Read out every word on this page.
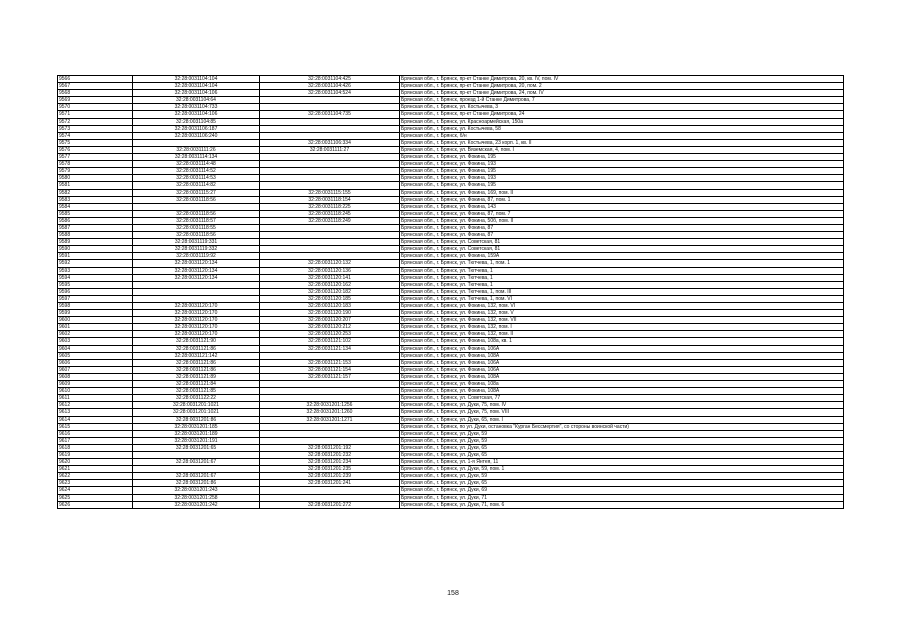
9566	32:28:0031104:104	32:28:0031104:425	Брянская обл., г. Брянск, пр-кт Станке Димитрова, 20, кв. IV, пом. IV
9567	32:28:0031104:104	32:28:0031104:426	Брянская обл., г. Брянск, пр-кт Станке Димитрова, 20, пом. 2
9568	32:28:0031104:106	32:28:0031104:524	Брянская обл., г. Брянск, пр-кт Станке Димитрова, 24, пом. IV
9569	32:28:0031104:64		Брянская обл., г. Брянск, проезд 1-й Станке Димитрова, 7
9570	32:28:0031104:733		Брянская обл., г. Брянск, ул. Костычева, 3
9571	32:28:0031104:106	32:28:0031104:735	Брянская обл., г. Брянск, пр-кт Станке Димитрова, 24
9572	32:28:0031104:85		Брянская обл., г. Брянск, ул. Красноармейская, 150а
9573	32:28:0031106:187		Брянская обл., г. Брянск, ул. Костычева, 58
9574	32:28:0031106:240		Брянская обл., г. Брянск, б/н
9575		32:28:0031106:334	Брянская обл., г. Брянск, ул. Костычева, 23 корп. 1, кв. II
9576	32:28:0031111:26	32:28:0031111:27	Брянская обл., г. Брянск, ул. Вяземская, 4, пом. I
9577	32:28:0031114:134		Брянская обл., г. Брянск, ул. Фокина, 195
9578	32:28:0031114:48		Брянская обл., г. Брянск, ул. Фокина, 193
9579	32:28:0031114:52		Брянская обл., г. Брянск, ул. Фокина, 195
9580	32:28:0031114:53		Брянская обл., г. Брянск, ул. Фокина, 193
9581	32:28:0031114:82		Брянская обл., г. Брянск, ул. Фокина, 195
9582	32:28:0031115:27	32:28:0031115:155	Брянская обл., г. Брянск, ул. Фокина, 169, пом. II
9583	32:28:0031118:56	32:28:0031118:154	Брянская обл., г. Брянск, ул. Фокина, 87, пом. 1
9584		32:28:0031118:225	Брянская обл., г. Брянск, ул. Фокина, 143
9585	32:28:0031118:56	32:28:0031118:245	Брянская обл., г. Брянск, ул. Фокина, 87, пом. 7
9586	32:28:0031118:57	32:28:0031118:249	Брянская обл., г. Брянск, ул. Фокина, 50б, пом. II
9587	32:28:0031118:55		Брянская обл., г. Брянск, ул. Фокина, 87
9588	32:28:0031118:56		Брянская обл., г. Брянск, ул. Фокина, 87
9589	32:28:0031119:331		Брянская обл., г. Брянск, ул. Советская, 81
9590	32:28:0031119:332		Брянская обл., г. Брянск, ул. Советская, 81
9591	32:28:0031119:92		Брянская обл., г. Брянск, ул. Фокина, 159А
9592	32:28:0031120:134	32:28:0031120:132	Брянская обл., г. Брянск, ул. Тютчева, 1, пом. 1
9593	32:28:0031120:134	32:28:0031120:136	Брянская обл., г. Брянск, ул. Тютчева, 1
9594	32:28:0031120:134	32:28:0031120:141	Брянская обл., г. Брянск, ул. Тютчева, 1
9595		32:28:0031120:162	Брянская обл., г. Брянск, ул. Тютчева, 1
9596		32:28:0031120:182	Брянская обл., г. Брянск, ул. Тютчева, 1, пом. III
9597		32:28:0031120:185	Брянская обл., г. Брянск, ул. Тютчева, 1, пом. VI
9598	32:28:0031120:170	32:28:0031120:183	Брянская обл., г. Брянск, ул. Фокина, 132, пом. VI
9599	32:28:0031120:170	32:28:0031120:190	Брянская обл., г. Брянск, ул. Фокина, 132, пом. V
9600	32:28:0031120:170	32:28:0031120:207	Брянская обл., г. Брянск, ул. Фокина, 132, пом. VII
9601	32:28:0031120:170	32:28:0031120:212	Брянская обл., г. Брянск, ул. Фокина, 132, пом. I
9602	32:28:0031120:170	32:28:0031120:253	Брянская обл., г. Брянск, ул. Фокина, 132, пом. II
9603	32:28:0031121:90	32:28:0031121:102	Брянская обл., г. Брянск, ул. Фокина, 108а, кв. 1
9604	32:28:0031121:86	32:28:0031121:134	Брянская обл., г. Брянск, ул. Фокина, 106А
9605	32:28:0031121:142		Брянская обл., г. Брянск, ул. Фокина, 108А
9606	32:28:0031121:86	32:28:0031121:153	Брянская обл., г. Брянск, ул. Фокина, 106А
9607	32:28:0031121:86	32:28:0031121:154	Брянская обл., г. Брянск, ул. Фокина, 106А
9608	32:28:0031121:89	32:28:0031121:157	Брянская обл., г. Брянск, ул. Фокина, 108А
9609	32:28:0031121:84		Брянская обл., г. Брянск, ул. Фокина, 108а
9610	32:28:0031121:85		Брянская обл., г. Брянск, ул. Фокина, 108А
9611	32:28:0031122:22		Брянская обл., г. Брянск, ул. Советская, 77
9612	32:28:0031201:1021	32:28:0031201:1256	Брянская обл., г. Брянск, ул. Дуки, 75, пом. IV
9613	32:28:0031201:1021	32:28:0031201:1260	Брянская обл., г. Брянск, ул. Дуки, 75, пом. VIII
9614	32:28:0031201:86	32:28:0031201:1271	Брянская обл., г. Брянск, ул. Дуки, 65, пом. I
9615	32:28:0031201:185		Брянская обл., г. Брянск, по ул. Дуки, остановка "Курган Бессмертия", со стороны воинской части)
9616	32:28:0031201:189		Брянская обл., г. Брянск, ул. Дуки, 59
9617	32:28:0031201:191		Брянская обл., г. Брянск, ул. Дуки, 59
9618	32:28:0031201:65	32:28:0031201:192	Брянская обл., г. Брянск, ул. Дуки, 65
9619		32:28:0031201:232	Брянская обл., г. Брянск, ул. Дуки, 65
9620	32:28:0031201:67	32:28:0031201:234	Брянская обл., г. Брянск, ул. 1-я Янтея, 11
9621		32:28:0031201:235	Брянская обл., г. Брянск, ул. Дуки, 59, пом. 1
9622	32:28:0031201:67	32:28:0031201:239	Брянская обл., г. Брянск, ул. Дуки, 59
9623	32:28:0031201:86	32:28:0031201:241	Брянская обл., г. Брянск, ул. Дуки, 65
9624	32:28:0031201:243		Брянская обл., г. Брянск, ул. Дуки, 69
9625	32:28:0031201:258		Брянская обл., г. Брянск, ул. Дуки, 71
9626	32:28:0031201:242	32:28:0031201:272	Брянская обл., г. Брянск, ул. Дуки, 71, пом. 6
158
